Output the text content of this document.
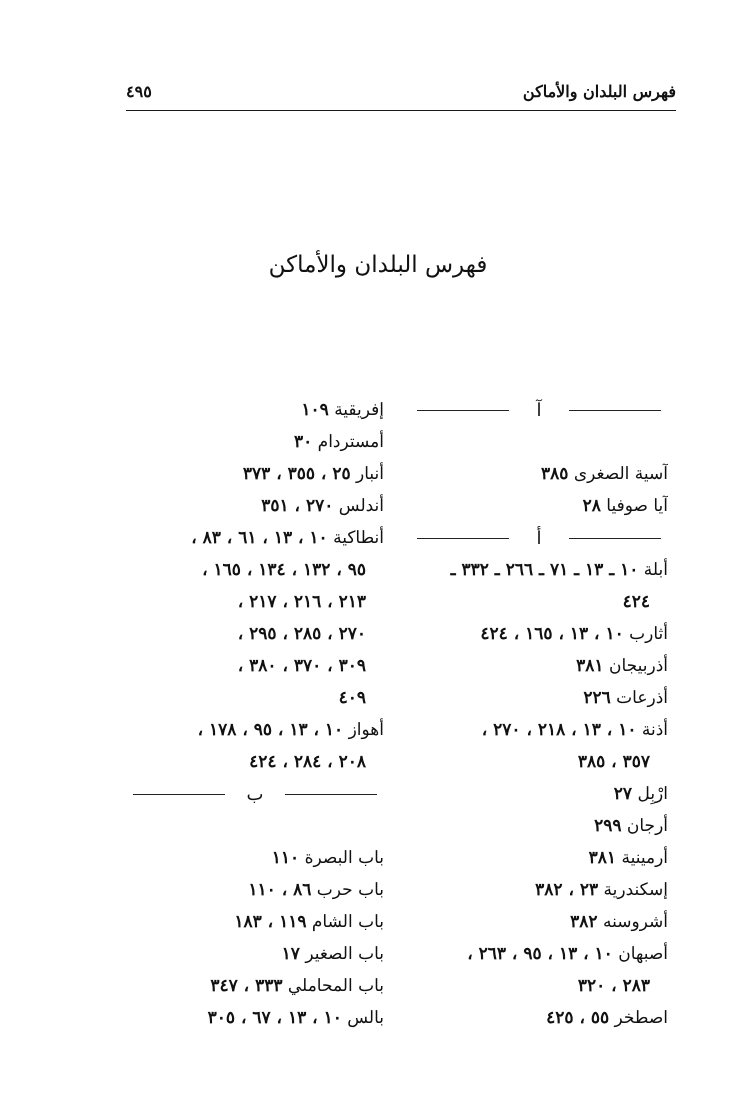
فهرس البلدان والأماكن
٤٩٥
فهرس البلدان والأماكن
آ
آسية الصغرى ٣٨٥
آيا صوفيا ٢٨
أ
أبلة ١٠ ـ ١٣ ـ ٧١ ـ ٢٦٦ ـ ٣٣٢ ـ
٤٢٤
أثارب ١٠ ، ١٣ ، ١٦٥ ، ٤٢٤
أذربيجان ٣٨١
أذرعات ٢٢٦
أذنة ١٠ ، ١٣ ، ٢١٨ ، ٢٧٠ ،
٣٥٧ ، ٣٨٥
ارْبِل ٢٧
أرجان ٢٩٩
أرمينية ٣٨١
إسكندرية ٢٣ ، ٣٨٢
أشروسنه ٣٨٢
أصبهان ١٠ ، ١٣ ، ٩٥ ، ٢٦٣ ،
٢٨٣ ، ٣٢٠
اصطخر ٥٥ ، ٤٢٥
إفريقية ١٠٩
أمستردام ٣٠
أنبار ٢٥ ، ٣٥٥ ، ٣٧٣
أندلس ٢٧٠ ، ٣٥١
أنطاكية ١٠ ، ١٣ ، ٦١ ، ٨٣ ،
٩٥ ، ١٣٢ ، ١٣٤ ، ١٦٥ ،
٢١٣ ، ٢١٦ ، ٢١٧ ،
٢٧٠ ، ٢٨٥ ، ٢٩٥ ،
٣٠٩ ، ٣٧٠ ، ٣٨٠ ،
٤٠٩
أهواز ١٠ ، ١٣ ، ٩٥ ، ١٧٨ ،
٢٠٨ ، ٢٨٤ ، ٤٢٤
ب
باب البصرة ١١٠
باب حرب ٨٦ ، ١١٠
باب الشام ١١٩ ، ١٨٣
باب الصغير ١٧
باب المحاملي ٣٣٣ ، ٣٤٧
بالس ١٠ ، ١٣ ، ٦٧ ، ٣٠٥
